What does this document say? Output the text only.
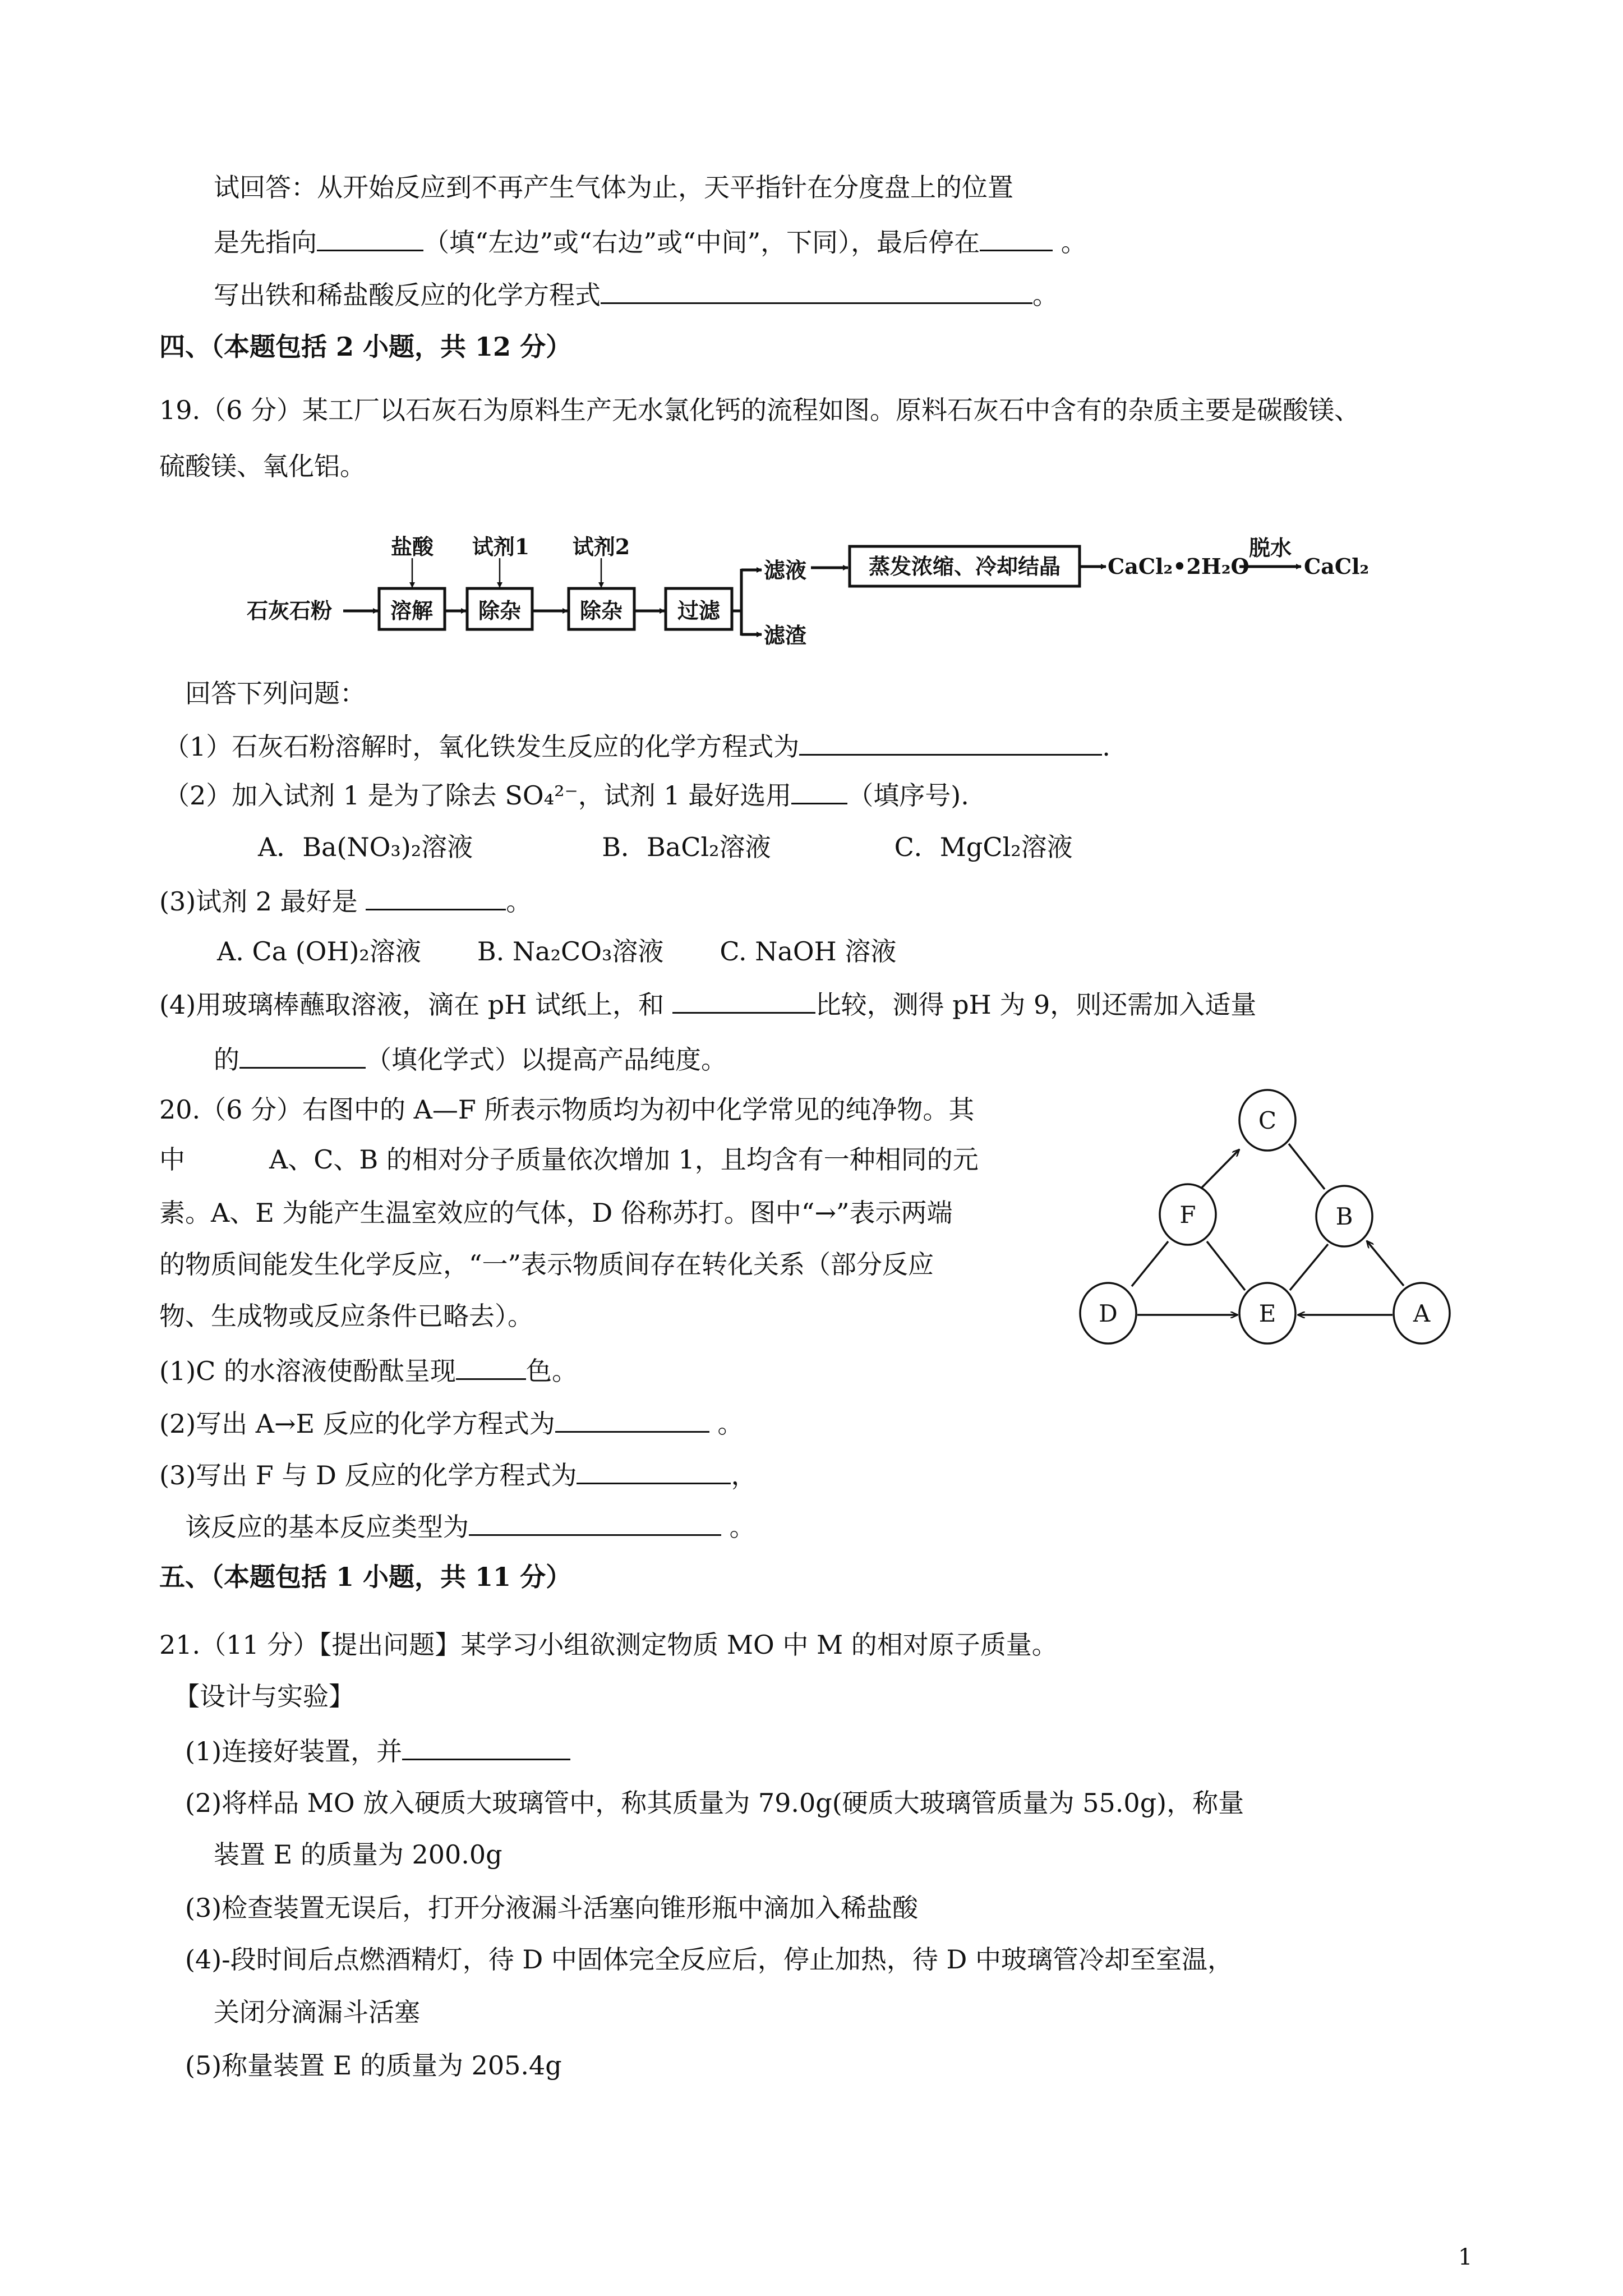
试回答：从开始反应到不再产生气体为止，天平指针在分度盘上的位置
是先指向	（填“左边”或“右边”或“中间”，下同），最后停在	。
写出铁和稀盐酸反应的化学方程式	。
四、（本题包括 2 小题，共 12 分）
19.（6 分）某工厂以石灰石为原料生产无水氯化钙的流程如图。原料石灰石中含有的杂质主要是碳酸镁、
硫酸镁、氧化铝。
石灰石粉
盐酸 试剂1 试剂2
溶解 除杂	除杂	过滤
滤液
滤渣
蒸发浓缩、冷却结晶 CaCl₂•2H₂O
脱水
CaCl₂
回答下列问题：
（1）石灰石粉溶解时，氧化铁发生反应的化学方程式为	.
（2）加入试剂 1 是为了除去 SO₄²⁻，试剂 1 最好选用 （填序号).
A．Ba(NO₃)₂溶液	B．BaCl₂溶液	C．MgCl₂溶液
(3)试剂 2 最好是	。
A. Ca (OH)₂溶液 B. Na₂CO₃溶液 C. NaOH 溶液
(4)用玻璃棒蘸取溶液，滴在 pH 试纸上，和	比较，测得 pH 为 9，则还需加入适量
的	（填化学式）以提高产品纯度。
20.（6 分）右图中的 A—F 所表示物质均为初中化学常见的纯净物。其
中	A、C、B 的相对分子质量依次增加 1，且均含有一种相同的元
素。A、E 为能产生温室效应的气体，D 俗称苏打。图中“→”表示两端
的物质间能发生化学反应，“一”表示物质间存在转化关系（部分反应
物、生成物或反应条件已略去）。
(1)C 的水溶液使酚酞呈现	色。
(2)写出 A→E 反应的化学方程式为	。
(3)写出 F 与 D 反应的化学方程式为	，
该反应的基本反应类型为	。
C
F	B
D	E	A
五、（本题包括 1 小题，共 11 分）
21.（11 分）【提出问题】某学习小组欲测定物质 MO 中 M 的相对原子质量。
【设计与实验】
(1)连接好装置，并
(2)将样品 MO 放入硬质大玻璃管中，称其质量为 79.0g(硬质大玻璃管质量为 55.0g)，称量
装置 E 的质量为 200.0g
(3)检查装置无误后，打开分液漏斗活塞向锥形瓶中滴加入稀盐酸
(4)-段时间后点燃酒精灯，待 D 中固体完全反应后，停止加热，待 D 中玻璃管冷却至室温，
关闭分滴漏斗活塞
(5)称量装置 E 的质量为 205.4g
1
